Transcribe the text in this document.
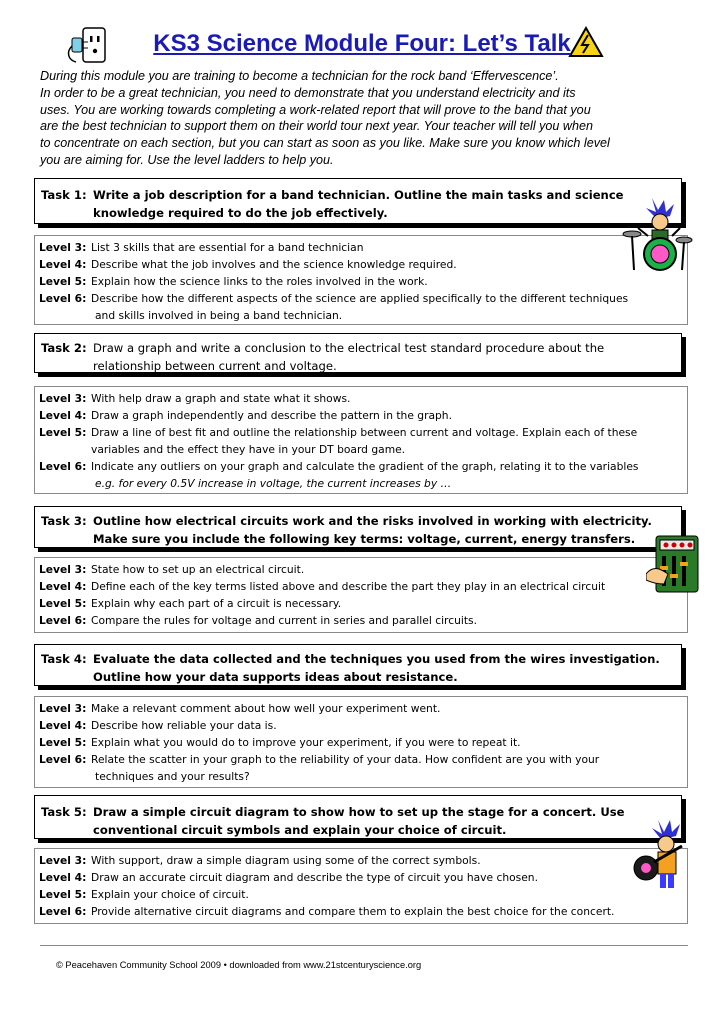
KS3 Science Module Four: Let’s Talk
During this module you are training to become a technician for the rock band ‘Effervescence’.
In order to be a great technician, you need to demonstrate that you understand electricity and its
uses. You are working towards completing a work-related report that will prove to the band that you
are the best technician to support them on their world tour next year. Your teacher will tell you when
to concentrate on each section, but you can start as soon as you like. Make sure you know which level
you are aiming for. Use the level ladders to help you.
Task 1: Write a job description for a band technician. Outline the main tasks and science
knowledge required to do the job effectively.
Level 3: List 3 skills that are essential for a band technician
Level 4: Describe what the job involves and the science knowledge required.
Level 5: Explain how the science links to the roles involved in the work.
Level 6: Describe how the different aspects of the science are applied specifically to the different techniques
and skills involved in being a band technician.
Task 2: Draw a graph and write a conclusion to the electrical test standard procedure about the
relationship between current and voltage.
Level 3: With help draw a graph and state what it shows.
Level 4: Draw a graph independently and describe the pattern in the graph.
Level 5: Draw a line of best fit and outline the relationship between current and voltage. Explain each of these
variables and the effect they have in your DT board game.
Level 6: Indicate any outliers on your graph and calculate the gradient of the graph, relating it to the variables
e.g. for every 0.5V increase in voltage, the current increases by …
Task 3: Outline how electrical circuits work and the risks involved in working with electricity.
Make sure you include the following key terms: voltage, current, energy transfers.
Level 3: State how to set up an electrical circuit.
Level 4: Define each of the key terms listed above and describe the part they play in an electrical circuit
Level 5: Explain why each part of a circuit is necessary.
Level 6: Compare the rules for voltage and current in series and parallel circuits.
Task 4: Evaluate the data collected and the techniques you used from the wires investigation.
Outline how your data supports ideas about resistance.
Level 3: Make a relevant comment about how well your experiment went.
Level 4: Describe how reliable your data is.
Level 5: Explain what you would do to improve your experiment, if you were to repeat it.
Level 6: Relate the scatter in your graph to the reliability of your data. How confident are you with your
techniques and your results?
Task 5: Draw a simple circuit diagram to show how to set up the stage for a concert. Use
conventional circuit symbols and explain your choice of circuit.
Level 3: With support, draw a simple diagram using some of the correct symbols.
Level 4: Draw an accurate circuit diagram and describe the type of circuit you have chosen.
Level 5: Explain your choice of circuit.
Level 6: Provide alternative circuit diagrams and compare them to explain the best choice for the concert.
© Peacehaven Community School 2009 • downloaded from www.21stcenturyscience.org
